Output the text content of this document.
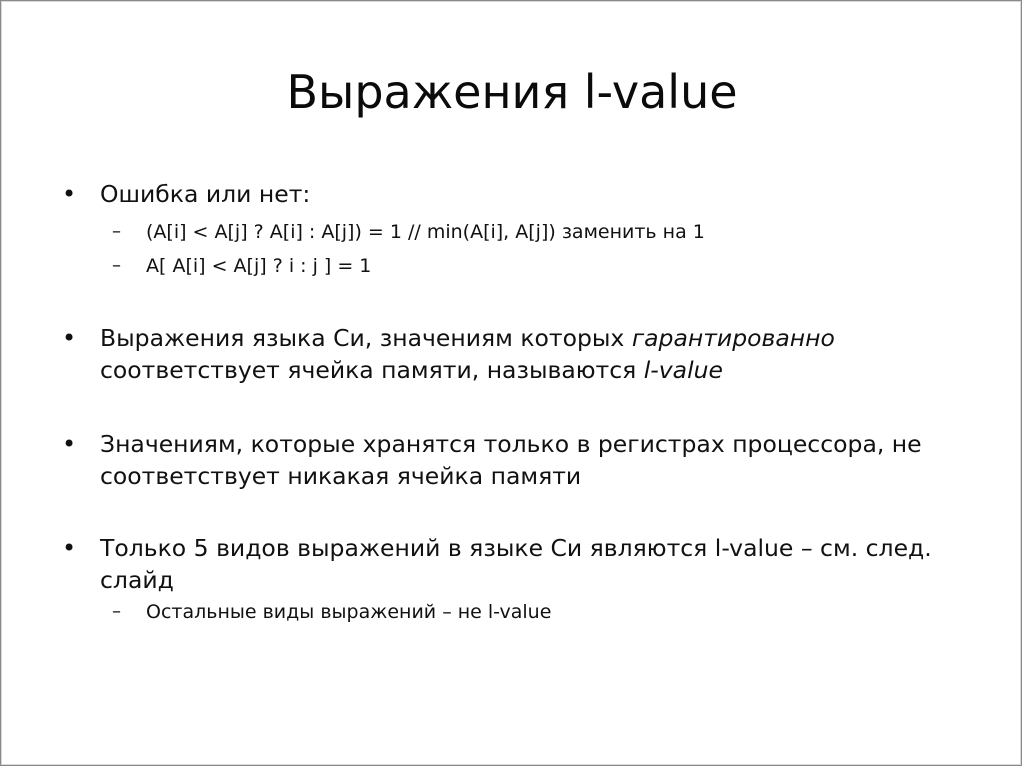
Выражения l-value
• Ошибка или нет:
– (A[i] < A[j] ? A[i] : A[j]) = 1 // min(A[i], A[j]) заменить на 1
– A[ A[i] < A[j] ? i : j ] = 1
• Выражения языка Си, значениям которых гарантированно соответствует ячейка памяти, называются l-value
• Значениям, которые хранятся только в регистрах процессора, не соответствует никакая ячейка памяти
• Только 5 видов выражений в языке Си являются l-value – см. след. слайд
– Остальные виды выражений – не l-value
